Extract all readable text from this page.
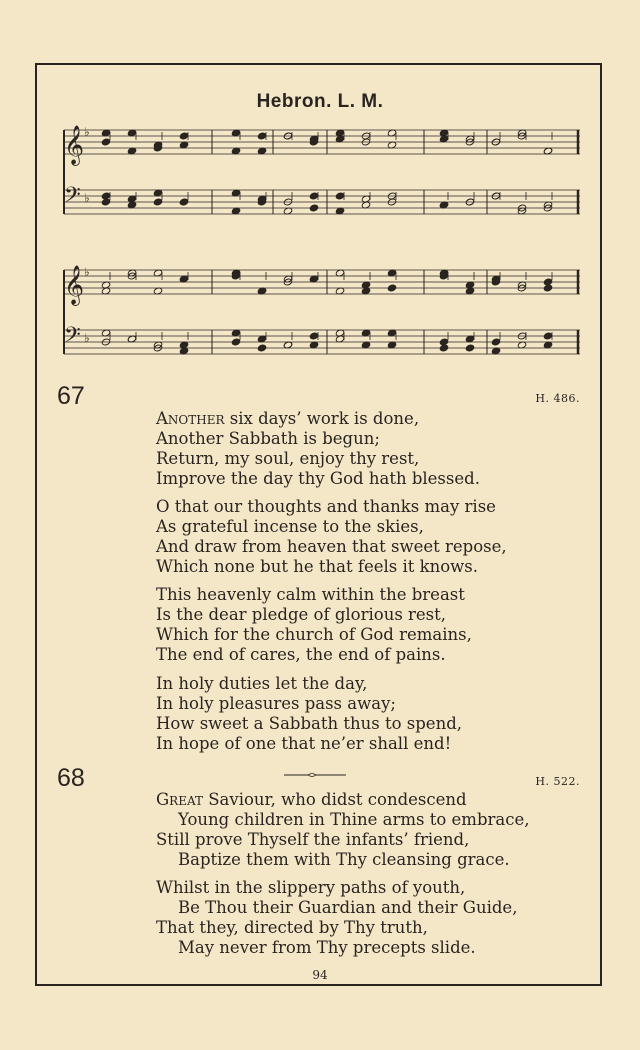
Hebron. L. M.
𝄞 ♭
𝄢 ♭
𝄞 ♭
𝄢 ♭
67	H. 486.
Another six days’ work is done,
Another Sabbath is begun;
Return, my soul, enjoy thy rest,
Improve the day thy God hath blessed.
O that our thoughts and thanks may rise
As grateful incense to the skies,
And draw from heaven that sweet repose,
Which none but he that feels it knows.
This heavenly calm within the breast
Is the dear pledge of glorious rest,
Which for the church of God remains,
The end of cares, the end of pains.
In holy duties let the day,
In holy pleasures pass away;
How sweet a Sabbath thus to spend,
In hope of one that ne’er shall end!
68	H. 522.
Great Saviour, who didst condescend
Young children in Thine arms to embrace,
Still prove Thyself the infants’ friend,
Baptize them with Thy cleansing grace.
Whilst in the slippery paths of youth,
Be Thou their Guardian and their Guide,
That they, directed by Thy truth,
May never from Thy precepts slide.
94
